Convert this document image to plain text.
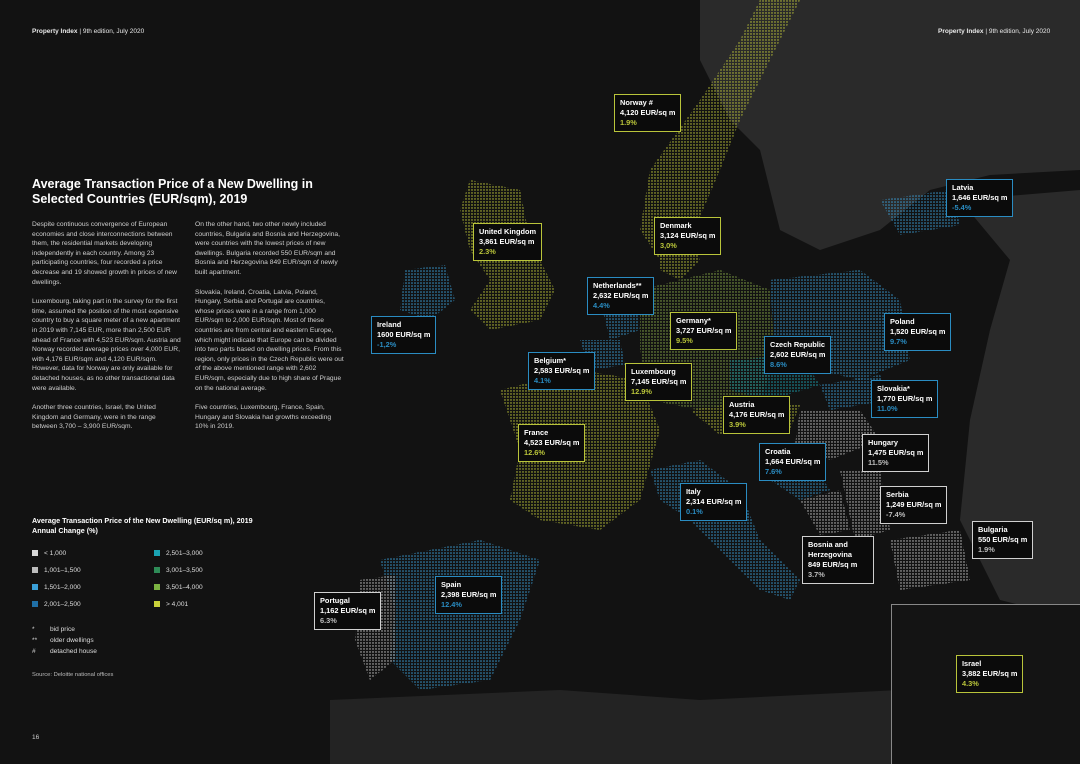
Property Index | 9th edition, July 2020	Property Index | 9th edition, July 2020
Average Transaction Price of a New Dwelling in Selected Countries (EUR/sqm), 2019

Despite continuous convergence of European economies and close interconnections between them, the residential markets developing independently in each country. Among 23 participating countries, four recorded a price decrease and 19 showed growth in prices of new dwellings.

Luxembourg, taking part in the survey for the first time, assumed the position of the most expensive country to buy a square meter of a new apartment in 2019 with 7,145 EUR, more than 2,500 EUR ahead of France with 4,523 EUR/sqm. Austria and Norway recorded average prices over 4,000 EUR, with 4,176 EUR/sqm and 4,120 EUR/sqm. However, data for Norway are only available for detached houses, as no other transactional data were available.

Another three countries, Israel, the United Kingdom and Germany, were in the range between 3,700 – 3,900 EUR/sqm.

On the other hand, two other newly included countries, Bulgaria and Bosnia and Herzegovina, were countries with the lowest prices of new dwellings. Bulgaria recorded 550 EUR/sqm and Bosnia and Herzegovina 849 EUR/sqm of newly built apartment.

Slovakia, Ireland, Croatia, Latvia, Poland, Hungary, Serbia and Portugal are countries, whose prices were in a range from 1,000 EUR/sqm to 2,000 EUR/sqm. Most of these countries are from central and eastern Europe, which might indicate that Europe can be divided into two parts based on dwelling prices. From this region, only prices in the Czech Republic were out of the above mentioned range with 2,602 EUR/sqm, especially due to high share of Prague on the national average.

Five countries, Luxembourg, France, Spain, Hungary and Slovakia had growths exceeding 10% in 2019.

Average Transaction Price of the New Dwelling (EUR/sq m), 2019
Annual Change (%)
< 1,000
1,001–1,500
1,501–2,000
2,001–2,500
2,501–3,000
3,001–3,500
3,501–4,000
> 4,001
* bid price
** older dwellings
# detached house
Source: Deloitte national offices
16
Norway #
4,120 EUR/sq m
1.9%
Latvia
1,646 EUR/sq m
-5.4%
Denmark
3,124 EUR/sq m
3,0%
United Kingdom
3,861 EUR/sq m
2.3%
Netherlands**
2,632 EUR/sq m
4.4%
Ireland
1600 EUR/sq m
-1,2%
Germany*
3,727 EUR/sq m
9.5%
Poland
1,520 EUR/sq m
9.7%
Czech Republic
2,602 EUR/sq m
8.6%
Belgium*
2,583 EUR/sq m
4.1%
Luxembourg
7,145 EUR/sq m
12.9%	Slovakia*
1,770 EUR/sq m
11.0%
Austria
4,176 EUR/sq m
3.9%
France
4,523 EUR/sq m
12.6%
Hungary
1,475 EUR/sq m
11.5%
Croatia
1,664 EUR/sq m
7.6%
Italy
2,314 EUR/sq m
0.1%
Serbia
1,249 EUR/sq m
-7.4%
Bulgaria
550 EUR/sq m
1.9%
Bosnia and Herzegovina
849 EUR/sq m
3.7%
Spain
2,398 EUR/sq m
12.4%
Portugal
1,162 EUR/sq m
6.3%
Israel
3,882 EUR/sq m
4.3%
